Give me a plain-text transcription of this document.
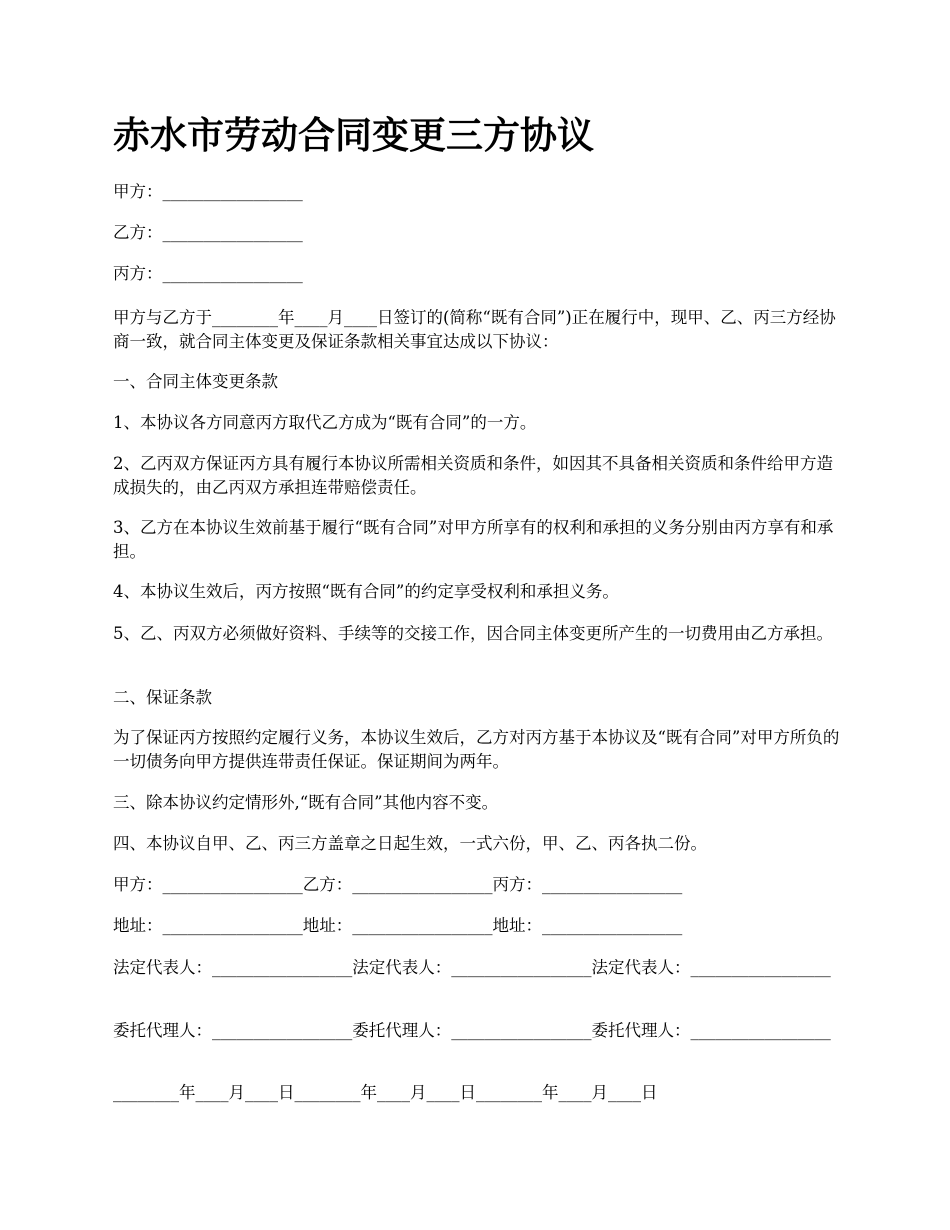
赤水市劳动合同变更三方协议

甲方：_________________

乙方：_________________

丙方：_________________

甲方与乙方于________年____月____日签订的(简称“既有合同”)正在履行中，现甲、乙、丙三方经协商一致，就合同主体变更及保证条款相关事宜达成以下协议：

一、合同主体变更条款

1、本协议各方同意丙方取代乙方成为“既有合同”的一方。

2、乙丙双方保证丙方具有履行本协议所需相关资质和条件，如因其不具备相关资质和条件给甲方造成损失的，由乙丙双方承担连带赔偿责任。

3、乙方在本协议生效前基于履行“既有合同”对甲方所享有的权利和承担的义务分别由丙方享有和承担。

4、本协议生效后，丙方按照“既有合同”的约定享受权利和承担义务。

5、乙、丙双方必须做好资料、手续等的交接工作，因合同主体变更所产生的一切费用由乙方承担。

二、保证条款

为了保证丙方按照约定履行义务，本协议生效后，乙方对丙方基于本协议及“既有合同”对甲方所负的一切债务向甲方提供连带责任保证。保证期间为两年。

三、除本协议约定情形外,“既有合同”其他内容不变。

四、本协议自甲、乙、丙三方盖章之日起生效，一式六份，甲、乙、丙各执二份。

甲方：_________________乙方：_________________丙方：_________________

地址：_________________地址：_________________地址：_________________

法定代表人：_________________法定代表人：_________________法定代表人：_________________

委托代理人：_________________委托代理人：_________________委托代理人：_________________

________年____月____日________年____月____日________年____月____日
